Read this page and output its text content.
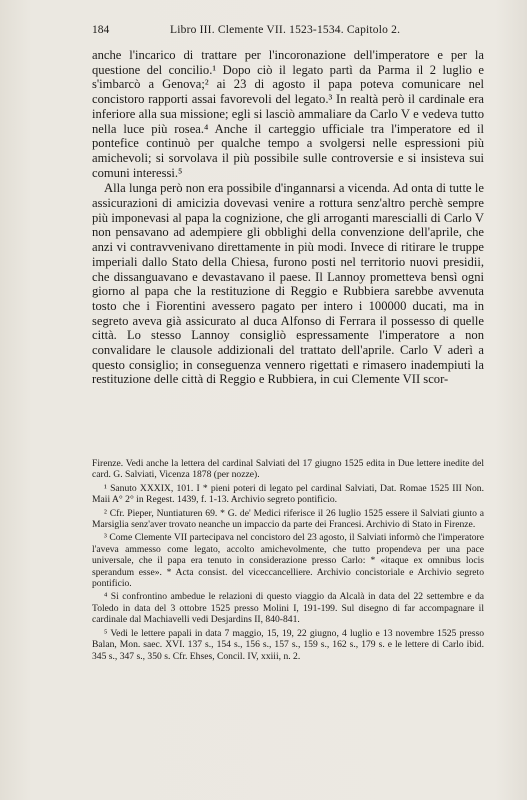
184	Libro III. Clemente VII. 1523-1534. Capitolo 2.

anche l'incarico di trattare per l'incoronazione dell'imperatore e per la questione del concilio.¹ Dopo ciò il legato partì da Parma il 2 luglio e s'imbarcò a Genova;² ai 23 di agosto il papa poteva comunicare nel concistoro rapporti assai favorevoli del legato.³ In realtà però il cardinale era inferiore alla sua missione; egli si lasciò ammaliare da Carlo V e vedeva tutto nella luce più rosea.⁴ Anche il carteggio ufficiale tra l'imperatore ed il pontefice continuò per qualche tempo a svolgersi nelle espressioni più amichevoli; si sorvolava il più possibile sulle controversie e si insisteva sui comuni interessi.⁵

Alla lunga però non era possibile d'ingannarsi a vicenda. Ad onta di tutte le assicurazioni di amicizia dovevasi venire a rottura senz'altro perchè sempre più imponevasi al papa la cognizione, che gli arroganti marescialli di Carlo V non pensavano ad adempiere gli obblighi della convenzione dell'aprile, che anzi vi contravvenivano direttamente in più modi. Invece di ritirare le truppe imperiali dallo Stato della Chiesa, furono posti nel territorio nuovi presidii, che dissanguavano e devastavano il paese. Il Lannoy prometteva bensì ogni giorno al papa che la restituzione di Reggio e Rubbiera sarebbe avvenuta tosto che i Fiorentini avessero pagato per intero i 100000 ducati, ma in segreto aveva già assicurato al duca Alfonso di Ferrara il possesso di quelle città. Lo stesso Lannoy consigliò espressamente l'imperatore a non convalidare le clausole addizionali del trattato dell'aprile. Carlo V aderì a questo consiglio; in conseguenza vennero rigettati e rimasero inadempiuti la restituzione delle città di Reggio e Rubbiera, in cui Clemente VII scor-

Firenze. Vedi anche la lettera del cardinal Salviati del 17 giugno 1525 edita in Due lettere inedite del card. G. Salviati, Vicenza 1878 (per nozze).

¹ Sanuto XXXIX, 101. I * pieni poteri di legato pel cardinal Salviati, Dat. Romae 1525 III Non. Maii A° 2° in Regest. 1439, f. 1-13. Archivio segreto pontificio.

² Cfr. Pieper, Nuntiaturen 69. * G. de' Medici riferisce il 26 luglio 1525 essere il Salviati giunto a Marsiglia senz'aver trovato neanche un impaccio da parte dei Francesi. Archivio di Stato in Firenze.

³ Come Clemente VII partecipava nel concistoro del 23 agosto, il Salviati informò che l'imperatore l'aveva ammesso come legato, accolto amichevolmente, che tutto propendeva per una pace universale, che il papa era tenuto in considerazione presso Carlo: * «itaque ex omnibus locis sperandum esse». * Acta consist. del viceccancelliere. Archivio concistoriale e Archivio segreto pontificio.

⁴ Si confrontino ambedue le relazioni di questo viaggio da Alcalà in data del 22 settembre e da Toledo in data del 3 ottobre 1525 presso Molini I, 191-199. Sul disegno di far accompagnare il cardinale dal Machiavelli vedi Desjardins II, 840-841.

⁵ Vedi le lettere papali in data 7 maggio, 15, 19, 22 giugno, 4 luglio e 13 novembre 1525 presso Balan, Mon. saec. XVI. 137 s., 154 s., 156 s., 157 s., 159 s., 162 s., 179 s. e le lettere di Carlo ibid. 345 s., 347 s., 350 s. Cfr. Ehses, Concil. IV, xxiii, n. 2.
